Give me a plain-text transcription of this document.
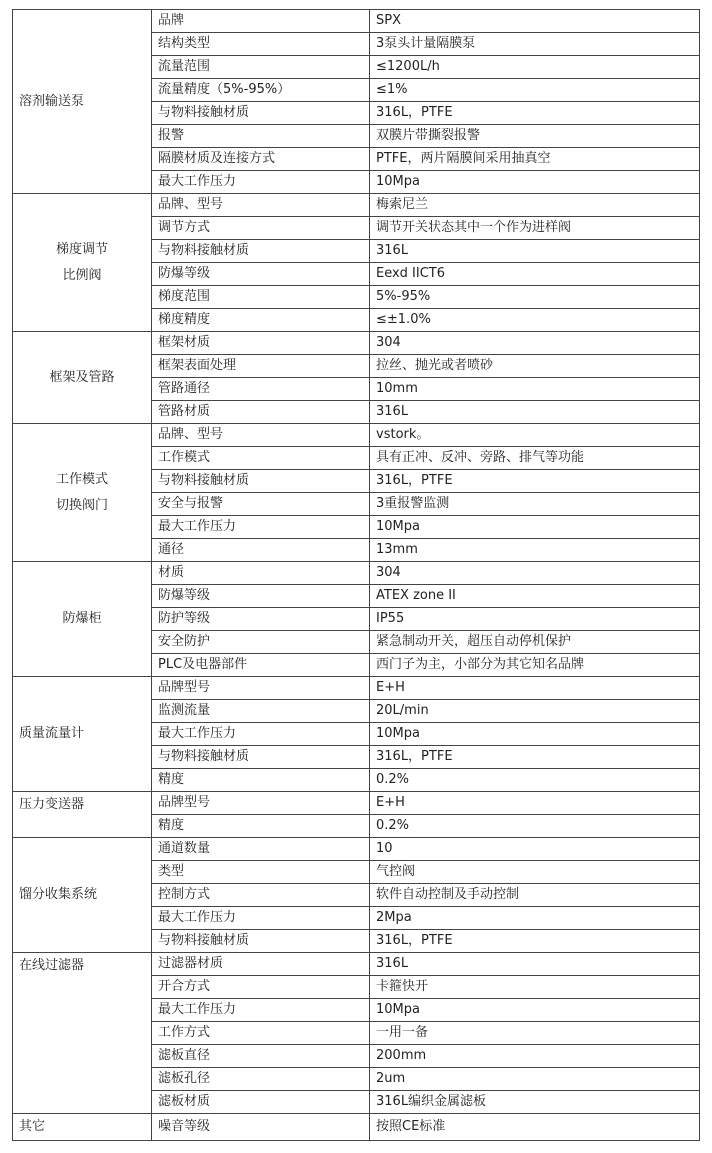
溶剂输送泵	品牌	SPX
	结构类型	3泵头计量隔膜泵
	流量范围	≤1200L/h
	流量精度（5%-95%）	≤1%
	与物料接触材质	316L，PTFE
	报警	双膜片带撕裂报警
	隔膜材质及连接方式	PTFE，两片隔膜间采用抽真空
	最大工作压力	10Mpa

梯度调节
比例阀	品牌、型号	梅索尼兰
	调节方式	调节开关状态其中一个作为进样阀
	与物料接触材质	316L
	防爆等级	Eexd IICT6
	梯度范围	5%-95%
	梯度精度	≤±1.0%

框架及管路	框架材质	304
	框架表面处理	拉丝、抛光或者喷砂
	管路通径	10mm
	管路材质	316L

工作模式
切换阀门	品牌、型号	vstork。
	工作模式	具有正冲、反冲、旁路、排气等功能
	与物料接触材质	316L，PTFE
	安全与报警	3重报警监测
	最大工作压力	10Mpa
	通径	13mm

防爆柜	材质	304
	防爆等级	ATEX zone II
	防护等级	IP55
	安全防护	紧急制动开关，超压自动停机保护
	PLC及电器部件	西门子为主，小部分为其它知名品牌

质量流量计	品牌型号	E+H
	监测流量	20L/min
	最大工作压力	10Mpa
	与物料接触材质	316L，PTFE
	精度	0.2%

压力变送器	品牌型号	E+H
	精度	0.2%

馏分收集系统	通道数量	10
	类型	气控阀
	控制方式	软件自动控制及手动控制
	最大工作压力	2Mpa
	与物料接触材质	316L，PTFE

在线过滤器	过滤器材质	316L
	开合方式	卡箍快开
	最大工作压力	10Mpa
	工作方式	一用一备
	滤板直径	200mm
	滤板孔径	2um
	滤板材质	316L编织金属滤板

其它	噪音等级	按照CE标准
